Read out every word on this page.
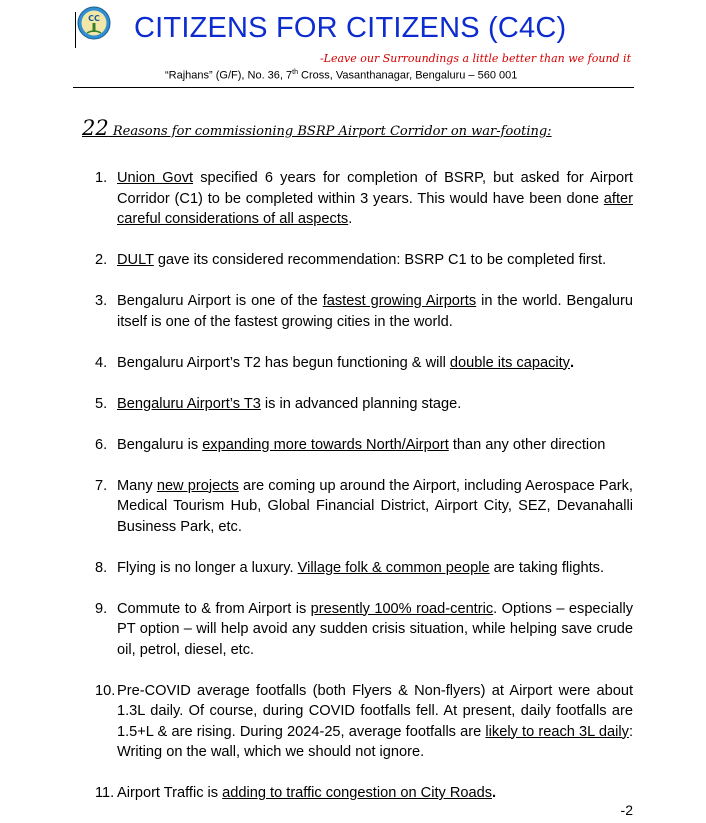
CC CITIZENS FOR CITIZENS (C4C)
-Leave our Surroundings a little better than we found it
“Rajhans” (G/F), No. 36, 7th Cross, Vasanthanagar, Bengaluru – 560 001
22 Reasons for commissioning BSRP Airport Corridor on war-footing:
1. Union Govt specified 6 years for completion of BSRP, but asked for Airport Corridor (C1) to be completed within 3 years. This would have been done after careful considerations of all aspects.
2. DULT gave its considered recommendation: BSRP C1 to be completed first.
3. Bengaluru Airport is one of the fastest growing Airports in the world. Bengaluru itself is one of the fastest growing cities in the world.
4. Bengaluru Airport’s T2 has begun functioning & will double its capacity.
5. Bengaluru Airport’s T3 is in advanced planning stage.
6. Bengaluru is expanding more towards North/Airport than any other direction
7. Many new projects are coming up around the Airport, including Aerospace Park, Medical Tourism Hub, Global Financial District, Airport City, SEZ, Devanahalli Business Park, etc.
8. Flying is no longer a luxury. Village folk & common people are taking flights.
9. Commute to & from Airport is presently 100% road-centric. Options – especially PT option – will help avoid any sudden crisis situation, while helping save crude oil, petrol, diesel, etc.
10. Pre-COVID average footfalls (both Flyers & Non-flyers) at Airport were about 1.3L daily. Of course, during COVID footfalls fell. At present, daily footfalls are 1.5+L & are rising. During 2024-25, average footfalls are likely to reach 3L daily: Writing on the wall, which we should not ignore.
11. Airport Traffic is adding to traffic congestion on City Roads.
-2
